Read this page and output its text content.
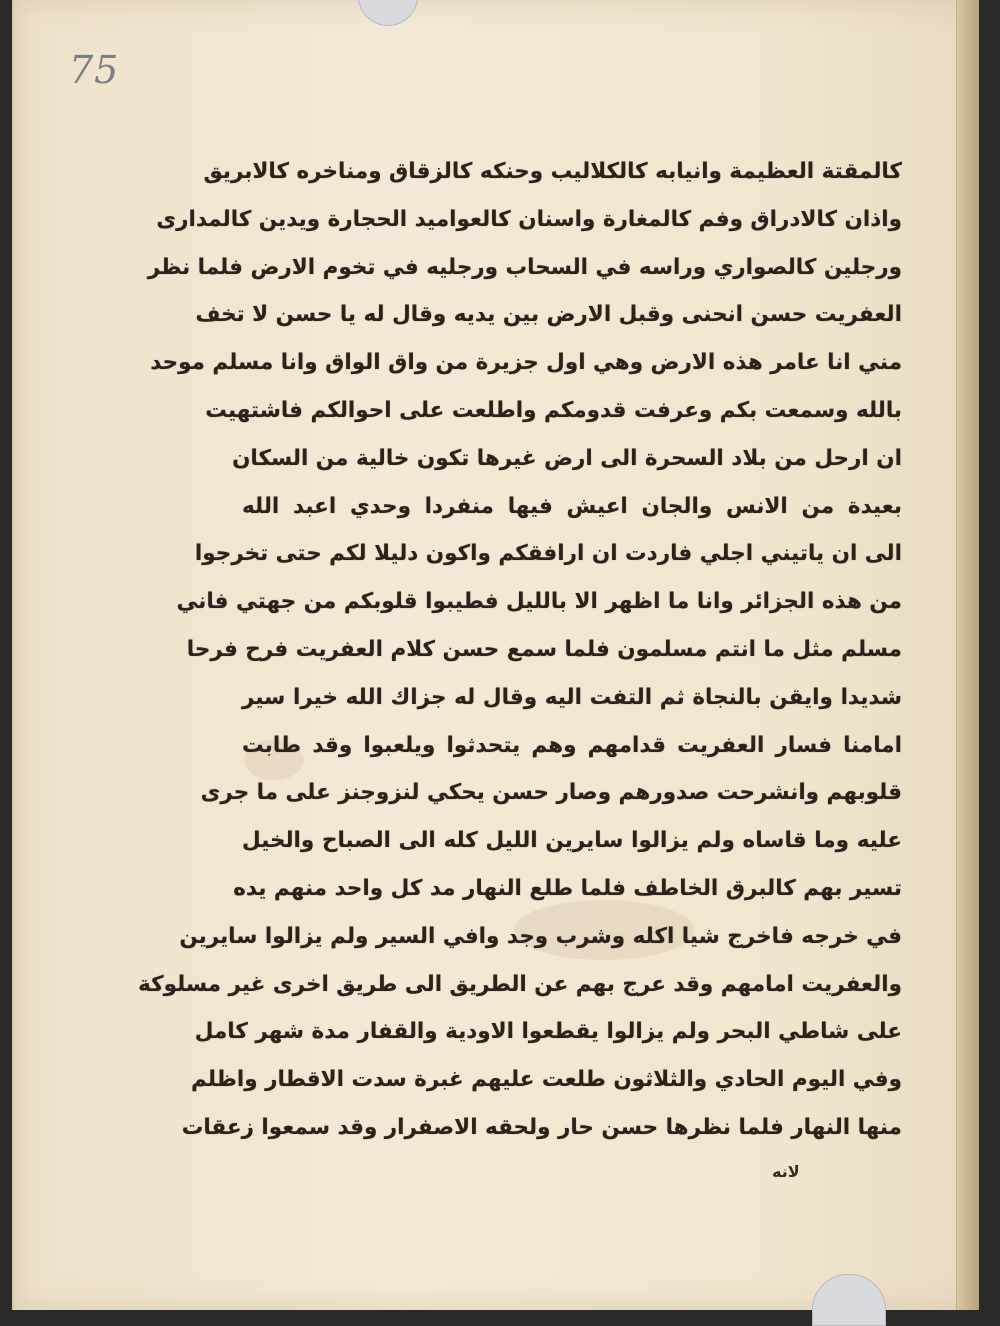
75
كالمقتة العظيمة وانيابه كالكلاليب وحنكه كالزقاق ومناخره كالابريق
واذان كالادراق وفم كالمغارة واسنان كالعواميد الحجارة ويدين كالمدارى
ورجلين كالصواري وراسه في السحاب ورجليه في تخوم الارض فلما نظر
العفريت حسن انحنى وقبل الارض بين يديه وقال له يا حسن لا تخف
مني انا عامر هذه الارض وهي اول جزيرة من واق الواق وانا مسلم موحد
بالله وسمعت بكم وعرفت قدومكم واطلعت على احوالكم فاشتهيت
ان ارحل من بلاد السحرة الى ارض غيرها تكون خالية من السكان
بعيدة من الانس والجان اعيش فيها منفردا وحدي اعبد الله
الى ان ياتيني اجلي فاردت ان ارافقكم واكون دليلا لكم حتى تخرجوا
من هذه الجزائر وانا ما اظهر الا بالليل فطيبوا قلوبكم من جهتي فاني
مسلم مثل ما انتم مسلمون فلما سمع حسن كلام العفريت فرح فرحا
شديدا وايقن بالنجاة ثم التفت اليه وقال له جزاك الله خيرا سير
امامنا فسار العفريت قدامهم وهم يتحدثوا ويلعبوا وقد طابت
قلوبهم وانشرحت صدورهم وصار حسن يحكي لنزوجنز على ما جرى
عليه وما قاساه ولم يزالوا سايرين الليل كله الى الصباح والخيل
تسير بهم كالبرق الخاطف فلما طلع النهار مد كل واحد منهم يده
في خرجه فاخرج شيا اكله وشرب وجد وافي السير ولم يزالوا سايرين
والعفريت امامهم وقد عرج بهم عن الطريق الى طريق اخرى غير مسلوكة
على شاطي البحر ولم يزالوا يقطعوا الاودية والقفار مدة شهر كامل
وفي اليوم الحادي والثلاثون طلعت عليهم غبرة سدت الاقطار واظلم
منها النهار فلما نظرها حسن حار ولحقه الاصفرار وقد سمعوا زعقات
لانه
